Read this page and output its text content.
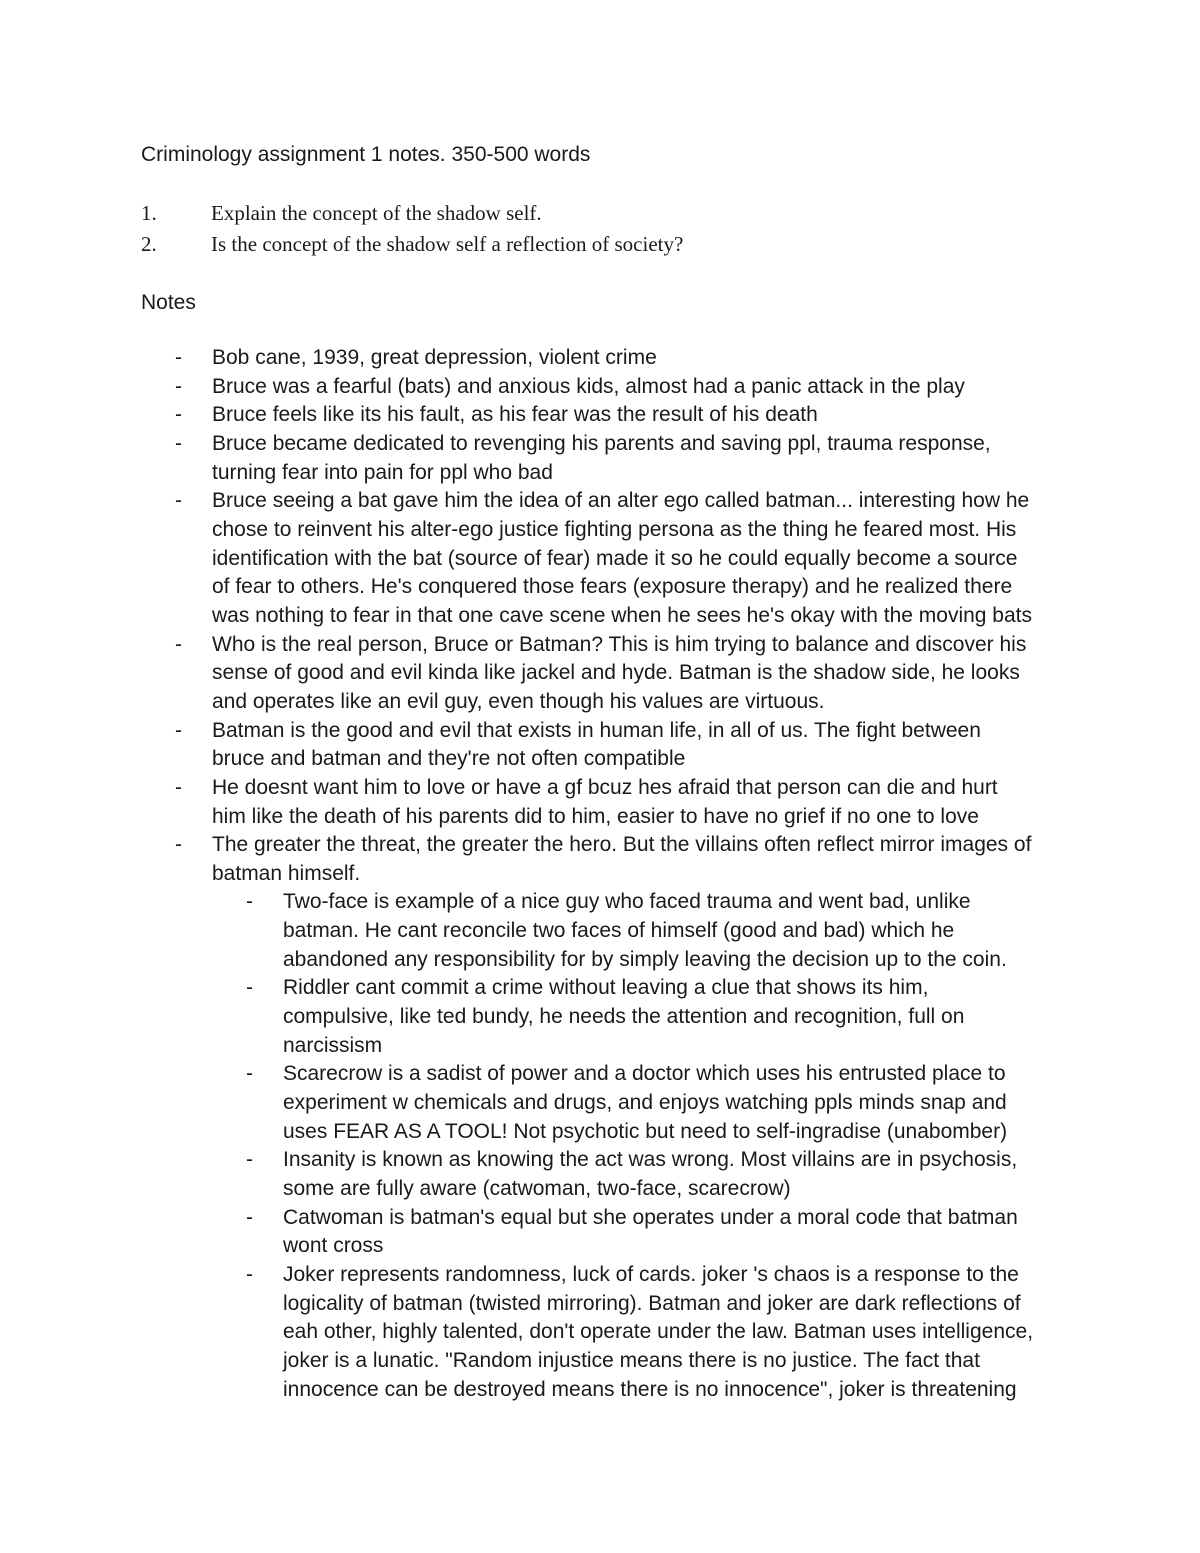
Criminology assignment 1 notes. 350-500 words
1.	Explain the concept of the shadow self.
2.	Is the concept of the shadow self a reflection of society?
Notes
- Bob cane, 1939, great depression, violent crime
- Bruce was a fearful (bats) and anxious kids, almost had a panic attack in the play
- Bruce feels like its his fault, as his fear was the result of his death
- Bruce became dedicated to revenging his parents and saving ppl, trauma response,
turning fear into pain for ppl who bad
- Bruce seeing a bat gave him the idea of an alter ego called batman... interesting how he
chose to reinvent his alter-ego justice fighting persona as the thing he feared most. His
identification with the bat (source of fear) made it so he could equally become a source
of fear to others. He's conquered those fears (exposure therapy) and he realized there
was nothing to fear in that one cave scene when he sees he's okay with the moving bats
- Who is the real person, Bruce or Batman? This is him trying to balance and discover his
sense of good and evil kinda like jackel and hyde. Batman is the shadow side, he looks
and operates like an evil guy, even though his values are virtuous.
- Batman is the good and evil that exists in human life, in all of us. The fight between
bruce and batman and they're not often compatible
- He doesnt want him to love or have a gf bcuz hes afraid that person can die and hurt
him like the death of his parents did to him, easier to have no grief if no one to love
- The greater the threat, the greater the hero. But the villains often reflect mirror images of
batman himself.
- Two-face is example of a nice guy who faced trauma and went bad, unlike
batman. He cant reconcile two faces of himself (good and bad) which he
abandoned any responsibility for by simply leaving the decision up to the coin.
- Riddler cant commit a crime without leaving a clue that shows its him,
compulsive, like ted bundy, he needs the attention and recognition, full on
narcissism
- Scarecrow is a sadist of power and a doctor which uses his entrusted place to
experiment w chemicals and drugs, and enjoys watching ppls minds snap and
uses FEAR AS A TOOL! Not psychotic but need to self-ingradise (unabomber)
- Insanity is known as knowing the act was wrong. Most villains are in psychosis,
some are fully aware (catwoman, two-face, scarecrow)
- Catwoman is batman's equal but she operates under a moral code that batman
wont cross
- Joker represents randomness, luck of cards. joker 's chaos is a response to the
logicality of batman (twisted mirroring). Batman and joker are dark reflections of
eah other, highly talented, don't operate under the law. Batman uses intelligence,
joker is a lunatic. "Random injustice means there is no justice. The fact that
innocence can be destroyed means there is no innocence", joker is threatening
